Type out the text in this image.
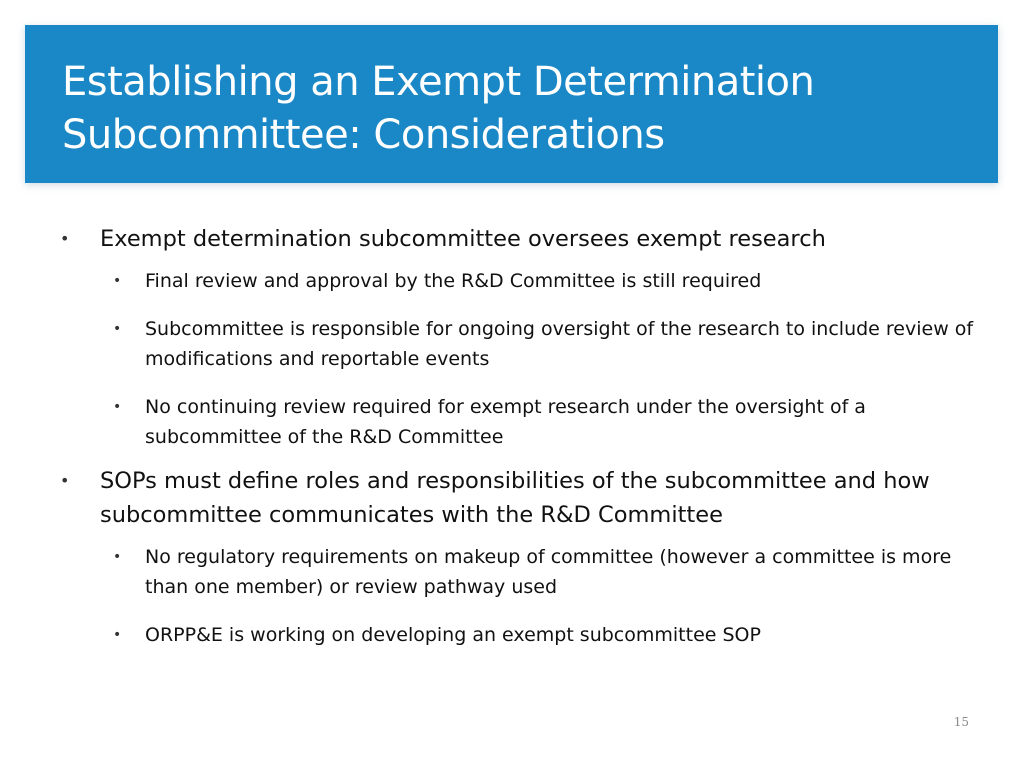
Establishing an Exempt Determination
Subcommittee: Considerations
• Exempt determination subcommittee oversees exempt research
• Final review and approval by the R&D Committee is still required
• Subcommittee is responsible for ongoing oversight of the research to include review of modifications and reportable events
• No continuing review required for exempt research under the oversight of a subcommittee of the R&D Committee
• SOPs must define roles and responsibilities of the subcommittee and how subcommittee communicates with the R&D Committee
• No regulatory requirements on makeup of committee (however a committee is more than one member) or review pathway used
• ORPP&E is working on developing an exempt subcommittee SOP
15
